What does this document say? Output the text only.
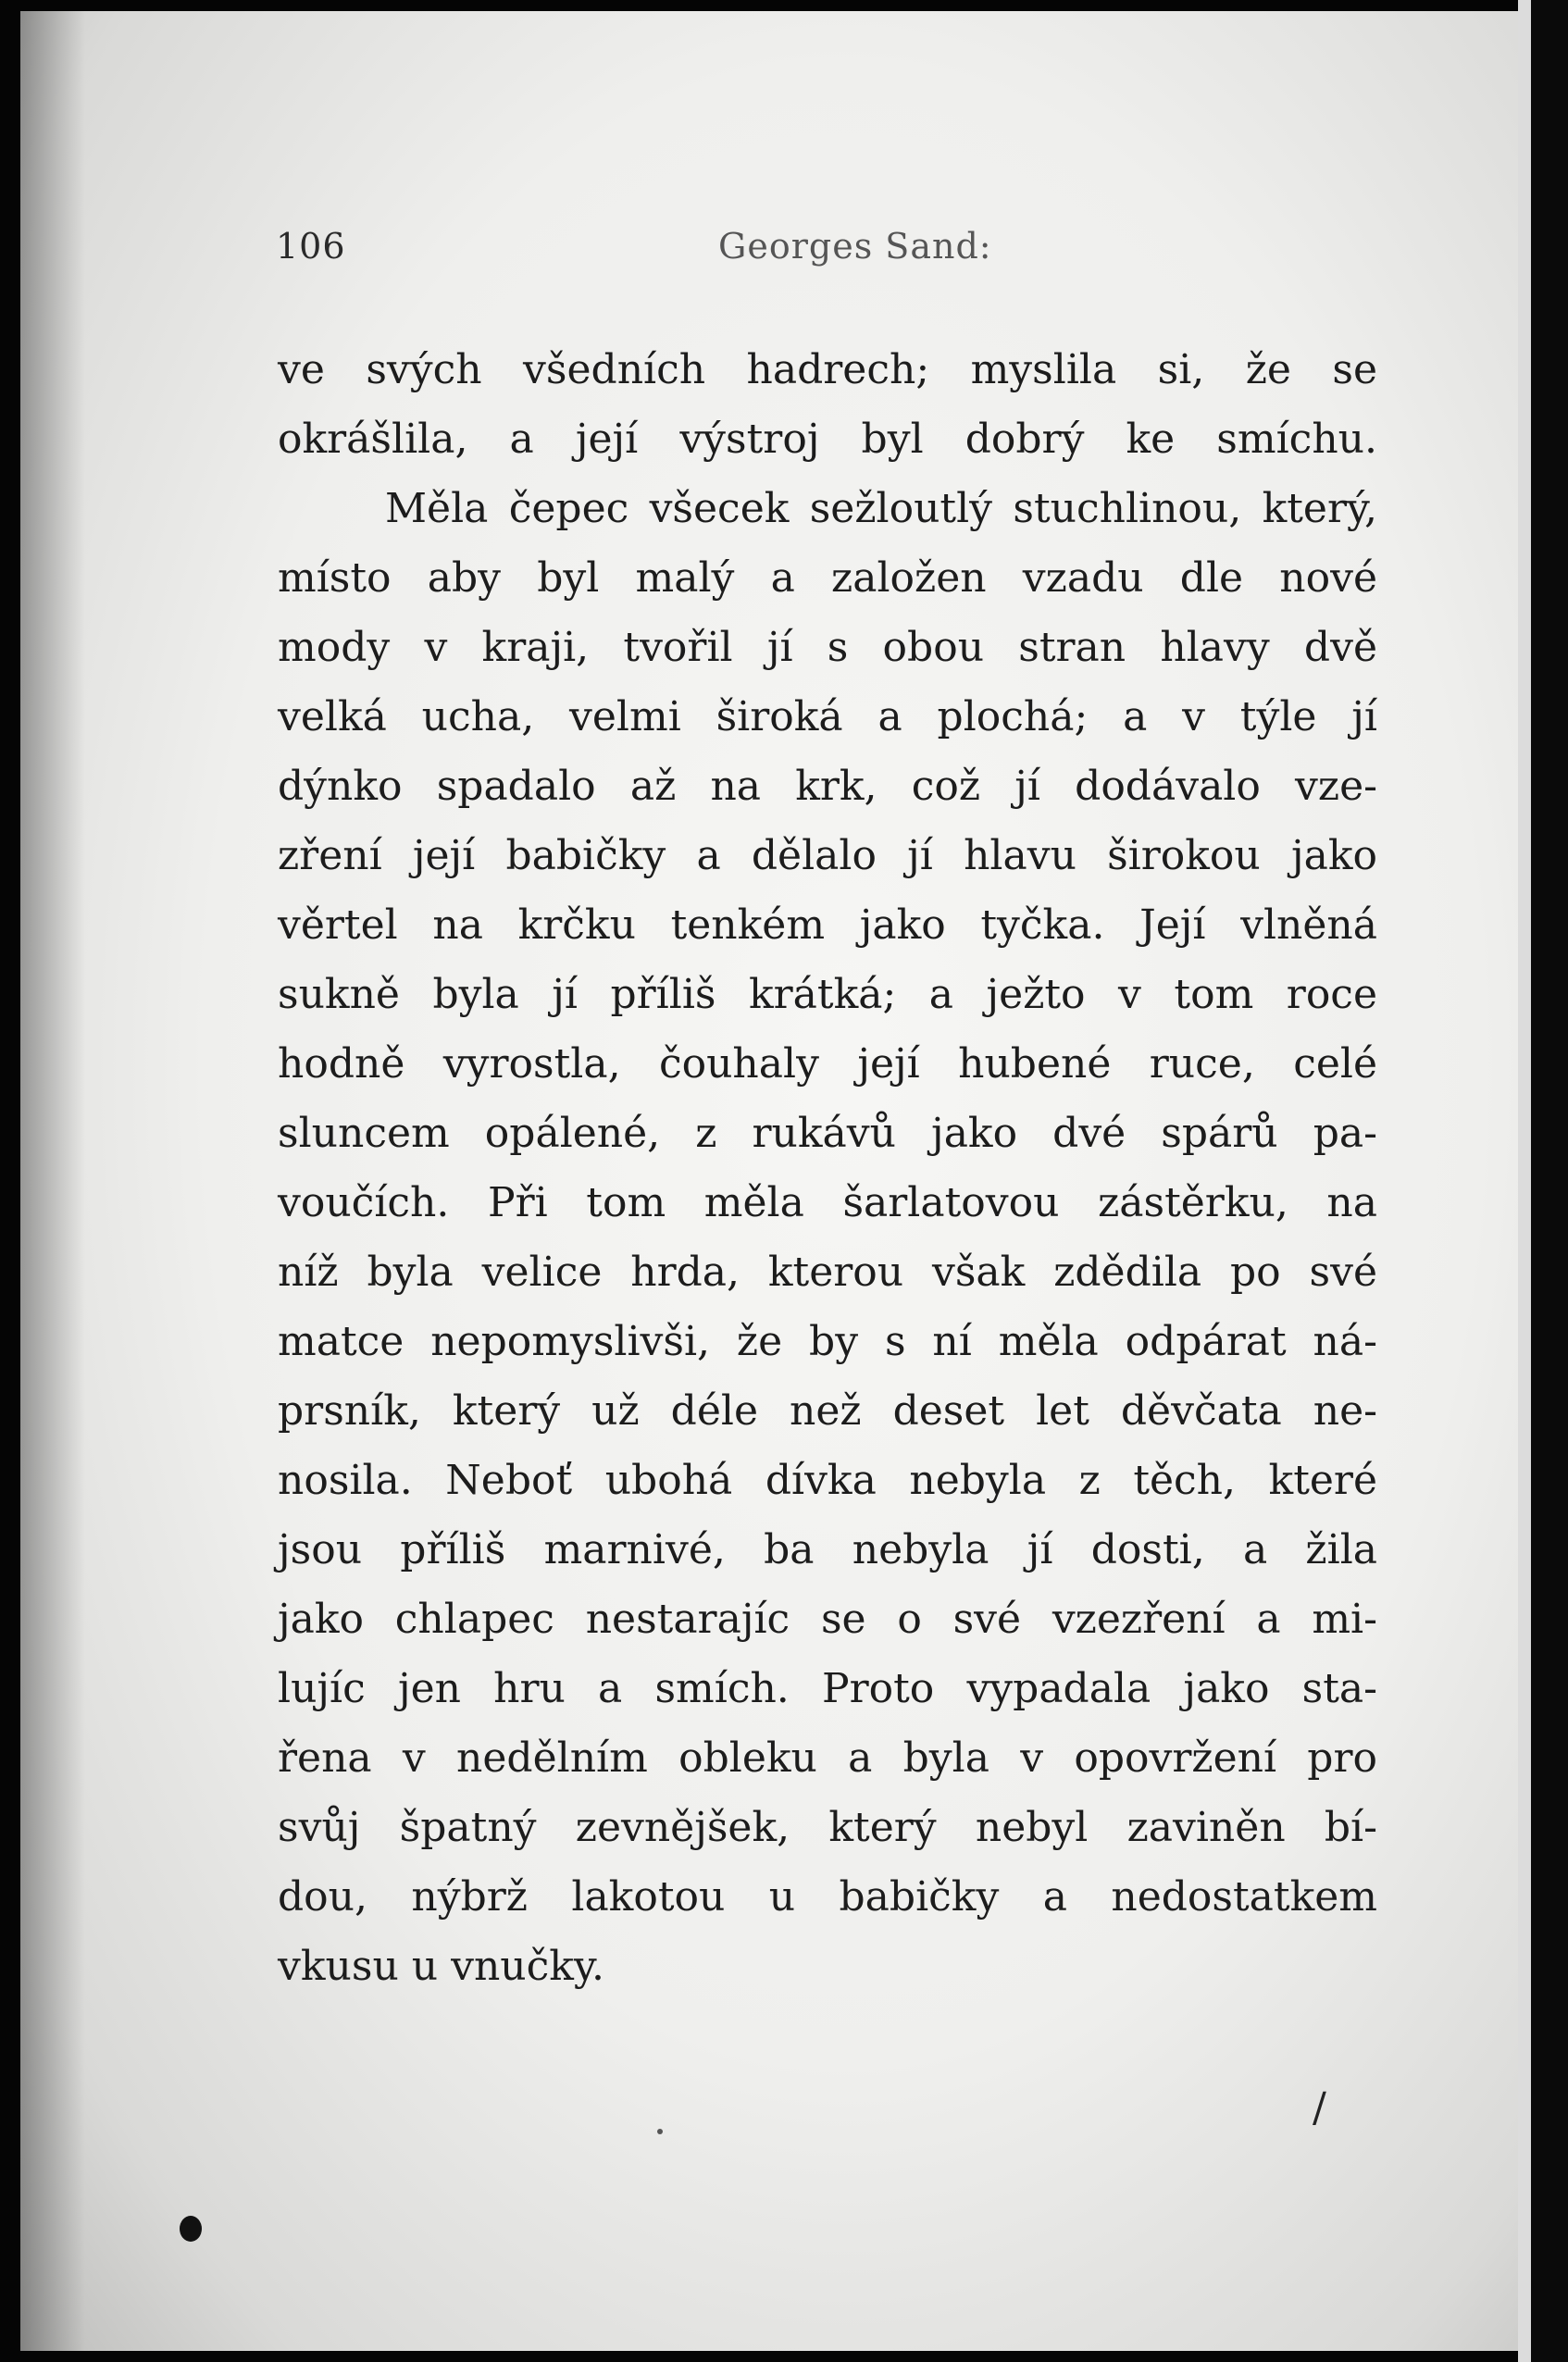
106	Georges Sand:
ve svých všedních hadrech; myslila si, že se
okrášlila, a její výstroj byl dobrý ke smíchu.
Měla čepec všecek sežloutlý stuchlinou, který,
místo aby byl malý a založen vzadu dle nové
mody v kraji, tvořil jí s obou stran hlavy dvě
velká ucha, velmi široká a plochá; a v týle jí
dýnko spadalo až na krk, což jí dodávalo vze-
zření její babičky a dělalo jí hlavu širokou jako
věrtel na krčku tenkém jako tyčka. Její vlněná
sukně byla jí příliš krátká; a ježto v tom roce
hodně vyrostla, čouhaly její hubené ruce, celé
sluncem opálené, z rukávů jako dvé spárů pa-
voučích. Při tom měla šarlatovou zástěrku, na
níž byla velice hrda, kterou však zdědila po své
matce nepomyslivši, že by s ní měla odpárat ná-
prsník, který už déle než deset let děvčata ne-
nosila. Neboť ubohá dívka nebyla z těch, které
jsou příliš marnivé, ba nebyla jí dosti, a žila
jako chlapec nestarajíc se o své vzezření a mi-
lujíc jen hru a smích. Proto vypadala jako sta-
řena v nedělním obleku a byla v opovržení pro
svůj špatný zevnějšek, který nebyl zaviněn bí-
dou, nýbrž lakotou u babičky a nedostatkem
vkusu u vnučky.
/
